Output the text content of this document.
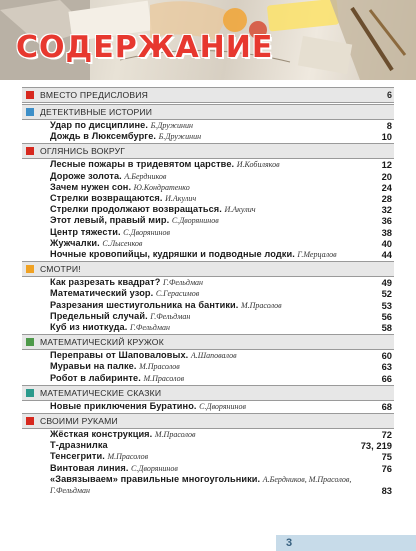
СОДЕРЖАНИЕ
ВМЕСТО ПРЕДИСЛОВИЯ	6
ДЕТЕКТИВНЫЕ ИСТОРИИ
Удар по дисциплине. Б.Дружинин	8
Дождь в Люксембурге. Б.Дружинин	10
ОГЛЯНИСЬ ВОКРУГ
Лесные пожары в тридевятом царстве. И.Кобиляков	12
Дороже золота. А.Бердников	20
Зачем нужен сон. Ю.Кондратенко	24
Стрелки возвращаются. И.Акулич	28
Стрелки продолжают возвращаться. И.Акулич	32
Этот левый, правый мир. С.Дворянинов	36
Центр тяжести. С.Дворянинов	38
Жужчалки. С.Лысенков	40
Ночные кровопийцы, кудряшки и подводные лодки. Г.Мерцалов	44
СМОТРИ!
Как разрезать квадрат? Г.Фельдман	49
Математический узор. С.Герасимов	52
Разрезания шестиугольника на бантики. М.Прасолов	53
Предельный случай. Г.Фельдман	56
Куб из ниоткуда. Г.Фельдман	58
МАТЕМАТИЧЕСКИЙ КРУЖОК
Переправы от Шаповаловых. А.Шаповалов	60
Муравьи на палке. М.Прасолов	63
Робот в лабиринте. М.Прасолов	66
МАТЕМАТИЧЕСКИЕ СКАЗКИ
Новые приключения Буратино. С.Дворянинов	68
СВОИМИ РУКАМИ
Жёсткая конструкция. М.Прасолов	72
Т-дразнилка	73, 219
Тенсегрити. М.Прасолов	75
Винтовая линия. С.Дворянинов	76
«Завязываем» правильные многоугольники. А.Бердников, М.Прасолов, Г.Фельдман	83
3
